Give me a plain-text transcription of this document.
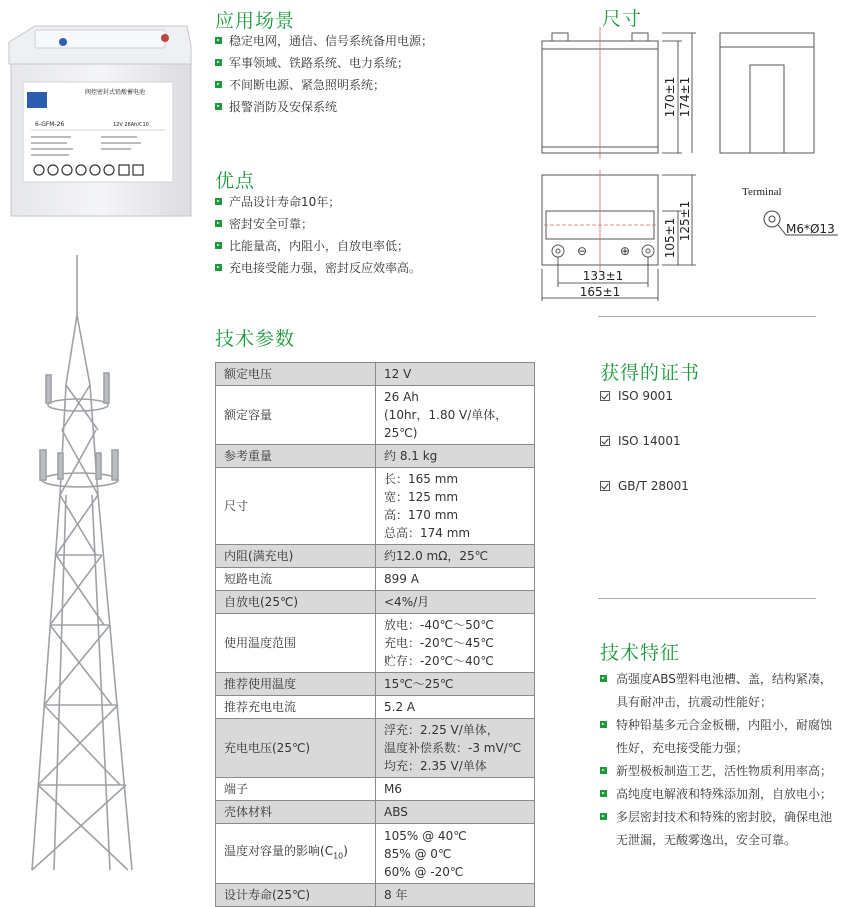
阀控密封式铅酸蓄电池
6-GFM-26	12V 26Ah/C10
应用场景
稳定电网，通信、信号系统备用电源；
军事领域、铁路系统、电力系统；
不间断电源、紧急照明系统；
报警消防及安保系统
优点
产品设计寿命10年；
密封安全可靠；
比能量高，内阻小，自放电率低；
充电接受能力强，密封反应效率高。
尺寸
170±1 174±1
⊖	⊕	105±1 125±1
133±1
165±1
Terminal
M6*Ø13
技术参数
额定电压	12 V

额定容量	26 Ah
(10hr，1.80 V/单体，25℃)

参考重量	约 8.1 kg

尺寸	长：165 mm
宽：125 mm
高：170 mm
总高：174 mm

内阻(满充电)	约12.0 mΩ，25℃

短路电流	899 A

自放电(25℃)	<4%/月

使用温度范围	放电：-40℃～50℃
充电：-20℃～45℃
贮存：-20℃～40℃

推荐使用温度	15℃～25℃

推荐充电电流	5.2 A

充电电压(25℃)	浮充：2.25 V/单体，
温度补偿系数：-3 mV/℃
均充：2.35 V/单体

端子	M6

壳体材料	ABS

温度对容量的影响$(C_{10})$	105% @ 40℃
85% @ 0℃
60% @ -20℃

设计寿命(25℃)	8 年
获得的证书
ISO 9001
ISO 14001
GB/T 28001
技术特征
高强度ABS塑料电池槽、盖，结构紧凑，具有耐冲击，抗震动性能好；
特种铅基多元合金板栅，内阻小，耐腐蚀性好，充电接受能力强；
新型极板制造工艺，活性物质利用率高；
高纯度电解液和特殊添加剂，自放电小；
多层密封技术和特殊的密封胶，确保电池无泄漏，无酸雾逸出，安全可靠。
